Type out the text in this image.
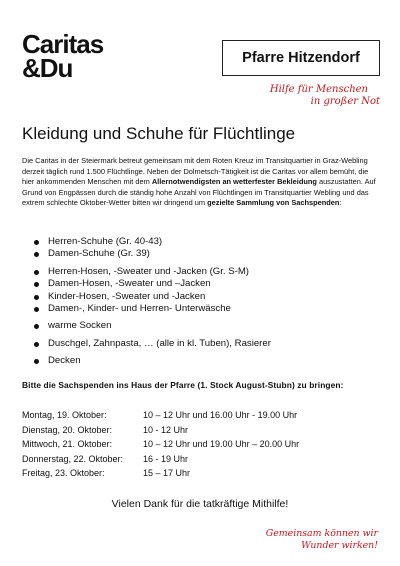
Caritas
&Du	Pfarre Hitzendorf
Hilfe für Menschen
in großer Not
Kleidung und Schuhe für Flüchtlinge
Die Caritas in der Steiermark betreut gemeinsam mit dem Roten Kreuz im Transitquartier in Graz-Webling derzeit täglich rund 1.500 Flüchtlinge. Neben der Dolmetsch-Tätigkeit ist die Caritas vor allem bemüht, die hier ankommenden Menschen mit dem Allernotwendigsten an wetterfester Bekleidung auszustatten. Auf Grund von Engpässen durch die ständig hohe Anzahl von Flüchtlingen im Transitquartier Webling und das extrem schlechte Oktober-Wetter bitten wir dringend um gezielte Sammlung von Sachspenden:
Herren-Schuhe (Gr. 40-43)
Damen-Schuhe (Gr. 39)
Herren-Hosen, -Sweater und -Jacken (Gr. S-M)
Damen-Hosen, -Sweater und –Jacken
Kinder-Hosen, -Sweater und -Jacken
Damen-, Kinder- und Herren- Unterwäsche
warme Socken
Duschgel, Zahnpasta, … (alle in kl. Tuben), Rasierer
Decken
Bitte die Sachspenden ins Haus der Pfarre (1. Stock August-Stubn) zu bringen:
Montag, 19. Oktober:	10 – 12 Uhr und 16.00 Uhr - 19.00 Uhr
Dienstag, 20. Oktober:	10 - 12 Uhr
Mittwoch, 21. Oktober:	10 – 12 Uhr und 19.00 Uhr – 20.00 Uhr
Donnerstag, 22. Oktober:	16 - 19 Uhr
Freitag, 23. Oktober:	15 – 17 Uhr
Vielen Dank für die tatkräftige Mithilfe!
Gemeinsam können wir
Wunder wirken!
